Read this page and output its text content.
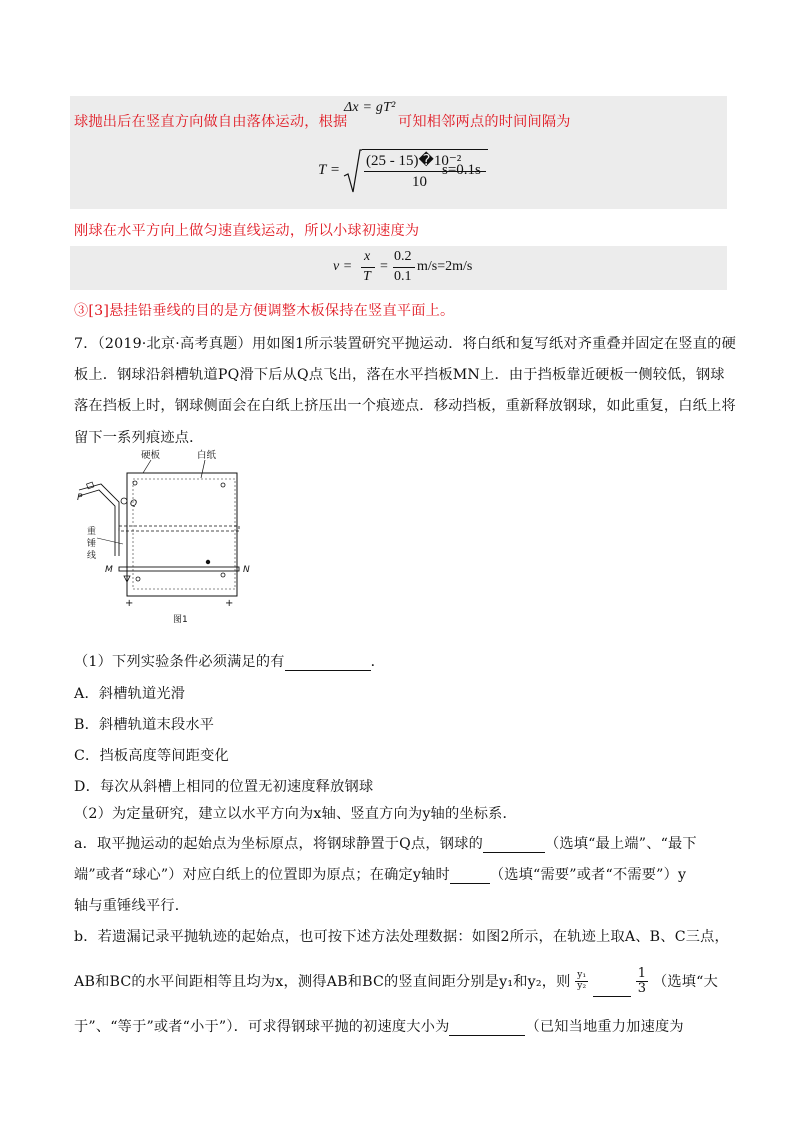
球抛出后在竖直方向做自由落体运动，根据
Δx = gT²
可知相邻两点的时间间隔为
T =
(25 - 15)�10⁻²
10
s=0.1s
刚球在水平方向上做匀速直线运动，所以小球初速度为
v =
x
T
=
0.2
0.1
m/s=2m/s
③[3]悬挂铅垂线的目的是方便调整木板保持在竖直平面上。
7．（2019·北京·高考真题）用如图1所示装置研究平抛运动．将白纸和复写纸对齐重叠并固定在竖直的硬
板上．钢球沿斜槽轨道PQ滑下后从Q点飞出，落在水平挡板MN上．由于挡板靠近硬板一侧较低，钢球
落在挡板上时，钢球侧面会在白纸上挤压出一个痕迹点．移动挡板，重新释放钢球，如此重复，白纸上将
留下一系列痕迹点．
硬板	白纸
P
Q
重
锤
线
M	N
+	+
图1
（1）下列实验条件必须满足的有	．
A．斜槽轨道光滑
B．斜槽轨道末段水平
C．挡板高度等间距变化
D．每次从斜槽上相同的位置无初速度释放钢球
（2）为定量研究，建立以水平方向为x轴、竖直方向为y轴的坐标系．
a．取平抛运动的起始点为坐标原点，将钢球静置于Q点，钢球的	（选填“最上端”、“最下
端”或者“球心”）对应白纸上的位置即为原点；在确定y轴时	（选填“需要”或者“不需要”）y
轴与重锤线平行．
b．若遗漏记录平抛轨迹的起始点，也可按下述方法处理数据：如图2所示，在轨迹上取A、B、C三点，
AB和BC的水平间距相等且均为x，测得AB和BC的竖直间距分别是y₁和y₂，则 $\frac{\text{y₁}}{\text{y₂}}$
	$\frac{1}{3}$ （选填“大
于”、“等于”或者“小于”）．可求得钢球平抛的初速度大小为	（已知当地重力加速度为
